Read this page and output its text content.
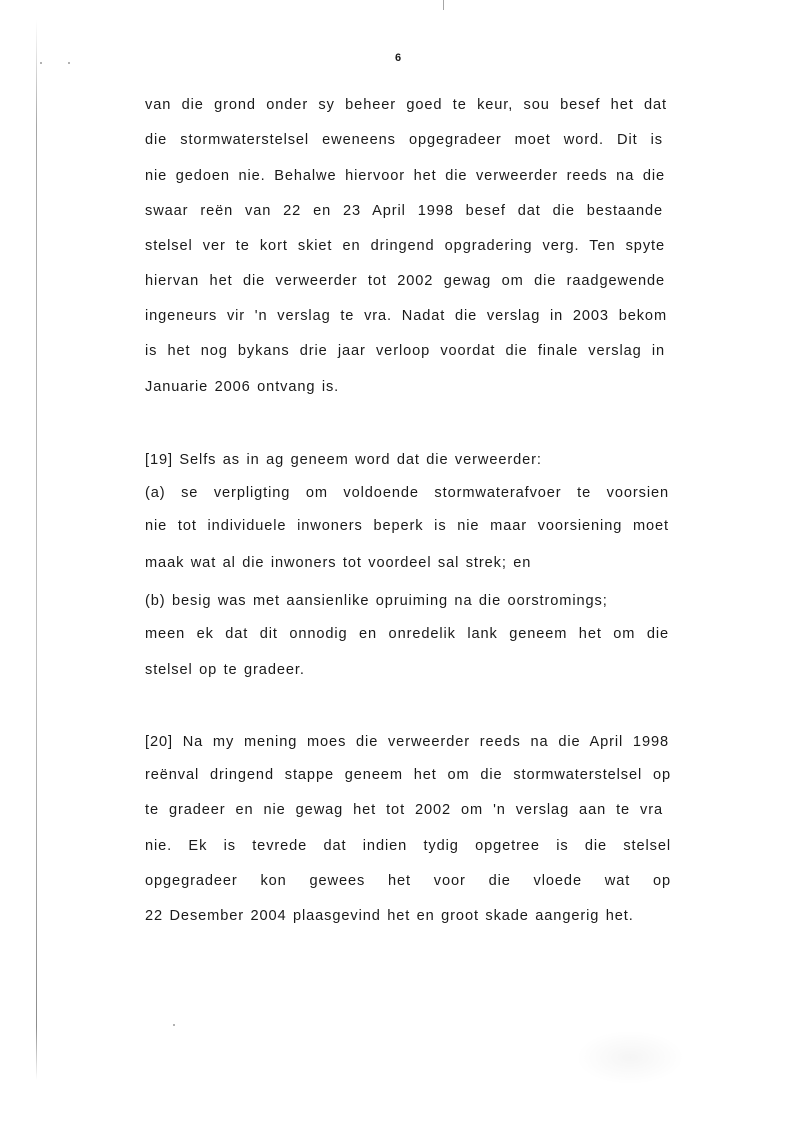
6
van die grond onder sy beheer goed te keur, sou besef het dat
die stormwaterstelsel eweneens opgegradeer moet word. Dit is
nie gedoen nie. Behalwe hiervoor het die verweerder reeds na die
swaar reën van 22 en 23 April 1998 besef dat die bestaande
stelsel ver te kort skiet en dringend opgradering verg. Ten spyte
hiervan het die verweerder tot 2002 gewag om die raadgewende
ingeneurs vir 'n verslag te vra. Nadat die verslag in 2003 bekom
is het nog bykans drie jaar verloop voordat die finale verslag in
Januarie 2006 ontvang is.
[19] Selfs as in ag geneem word dat die verweerder:
(a) se verpligting om voldoende stormwaterafvoer te voorsien
nie tot individuele inwoners beperk is nie maar voorsiening moet
maak wat al die inwoners tot voordeel sal strek; en
(b) besig was met aansienlike opruiming na die oorstromings;
meen ek dat dit onnodig en onredelik lank geneem het om die
stelsel op te gradeer.
[20] Na my mening moes die verweerder reeds na die April 1998
reënval dringend stappe geneem het om die stormwaterstelsel op
te gradeer en nie gewag het tot 2002 om 'n verslag aan te vra
nie. Ek is tevrede dat indien tydig opgetree is die stelsel
opgegradeer kon gewees het voor die vloede wat op
22 Desember 2004 plaasgevind het en groot skade aangerig het.
